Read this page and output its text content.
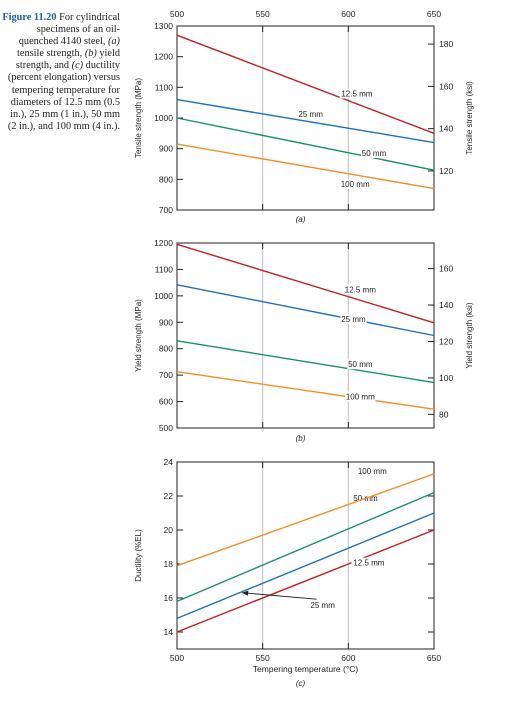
Figure 11.20 For cylindrical specimens of an oil-quenched 4140 steel, (a) tensile strength, (b) yield strength, and (c) ductility (percent elongation) versus tempering temperature for diameters of 12.5 mm (0.5 in.), 25 mm (1 in.), 50 mm (2 in.), and 100 mm (4 in.).
500	550	600	650
700
800
900
1000
1100
1200
1300
120
140
160
180
Tensile strength (ksi)
Tensile strength (MPa)	12.5 mm
25 mm
50 mm
100 mm
(a)
500
600
700
800
900
1000
1100
1200
80
100
120
140
160
Yield strength (ksi)
Yield strength (MPa)
12.5 mm
25 mm
50 mm
100 mm
(b)
500	550	600	650
14
16
18
20
22
24
Ductility (%EL)	12.5 mm
25 mm
50 mm
100 mm
Tempering temperature (°C)
(c)
